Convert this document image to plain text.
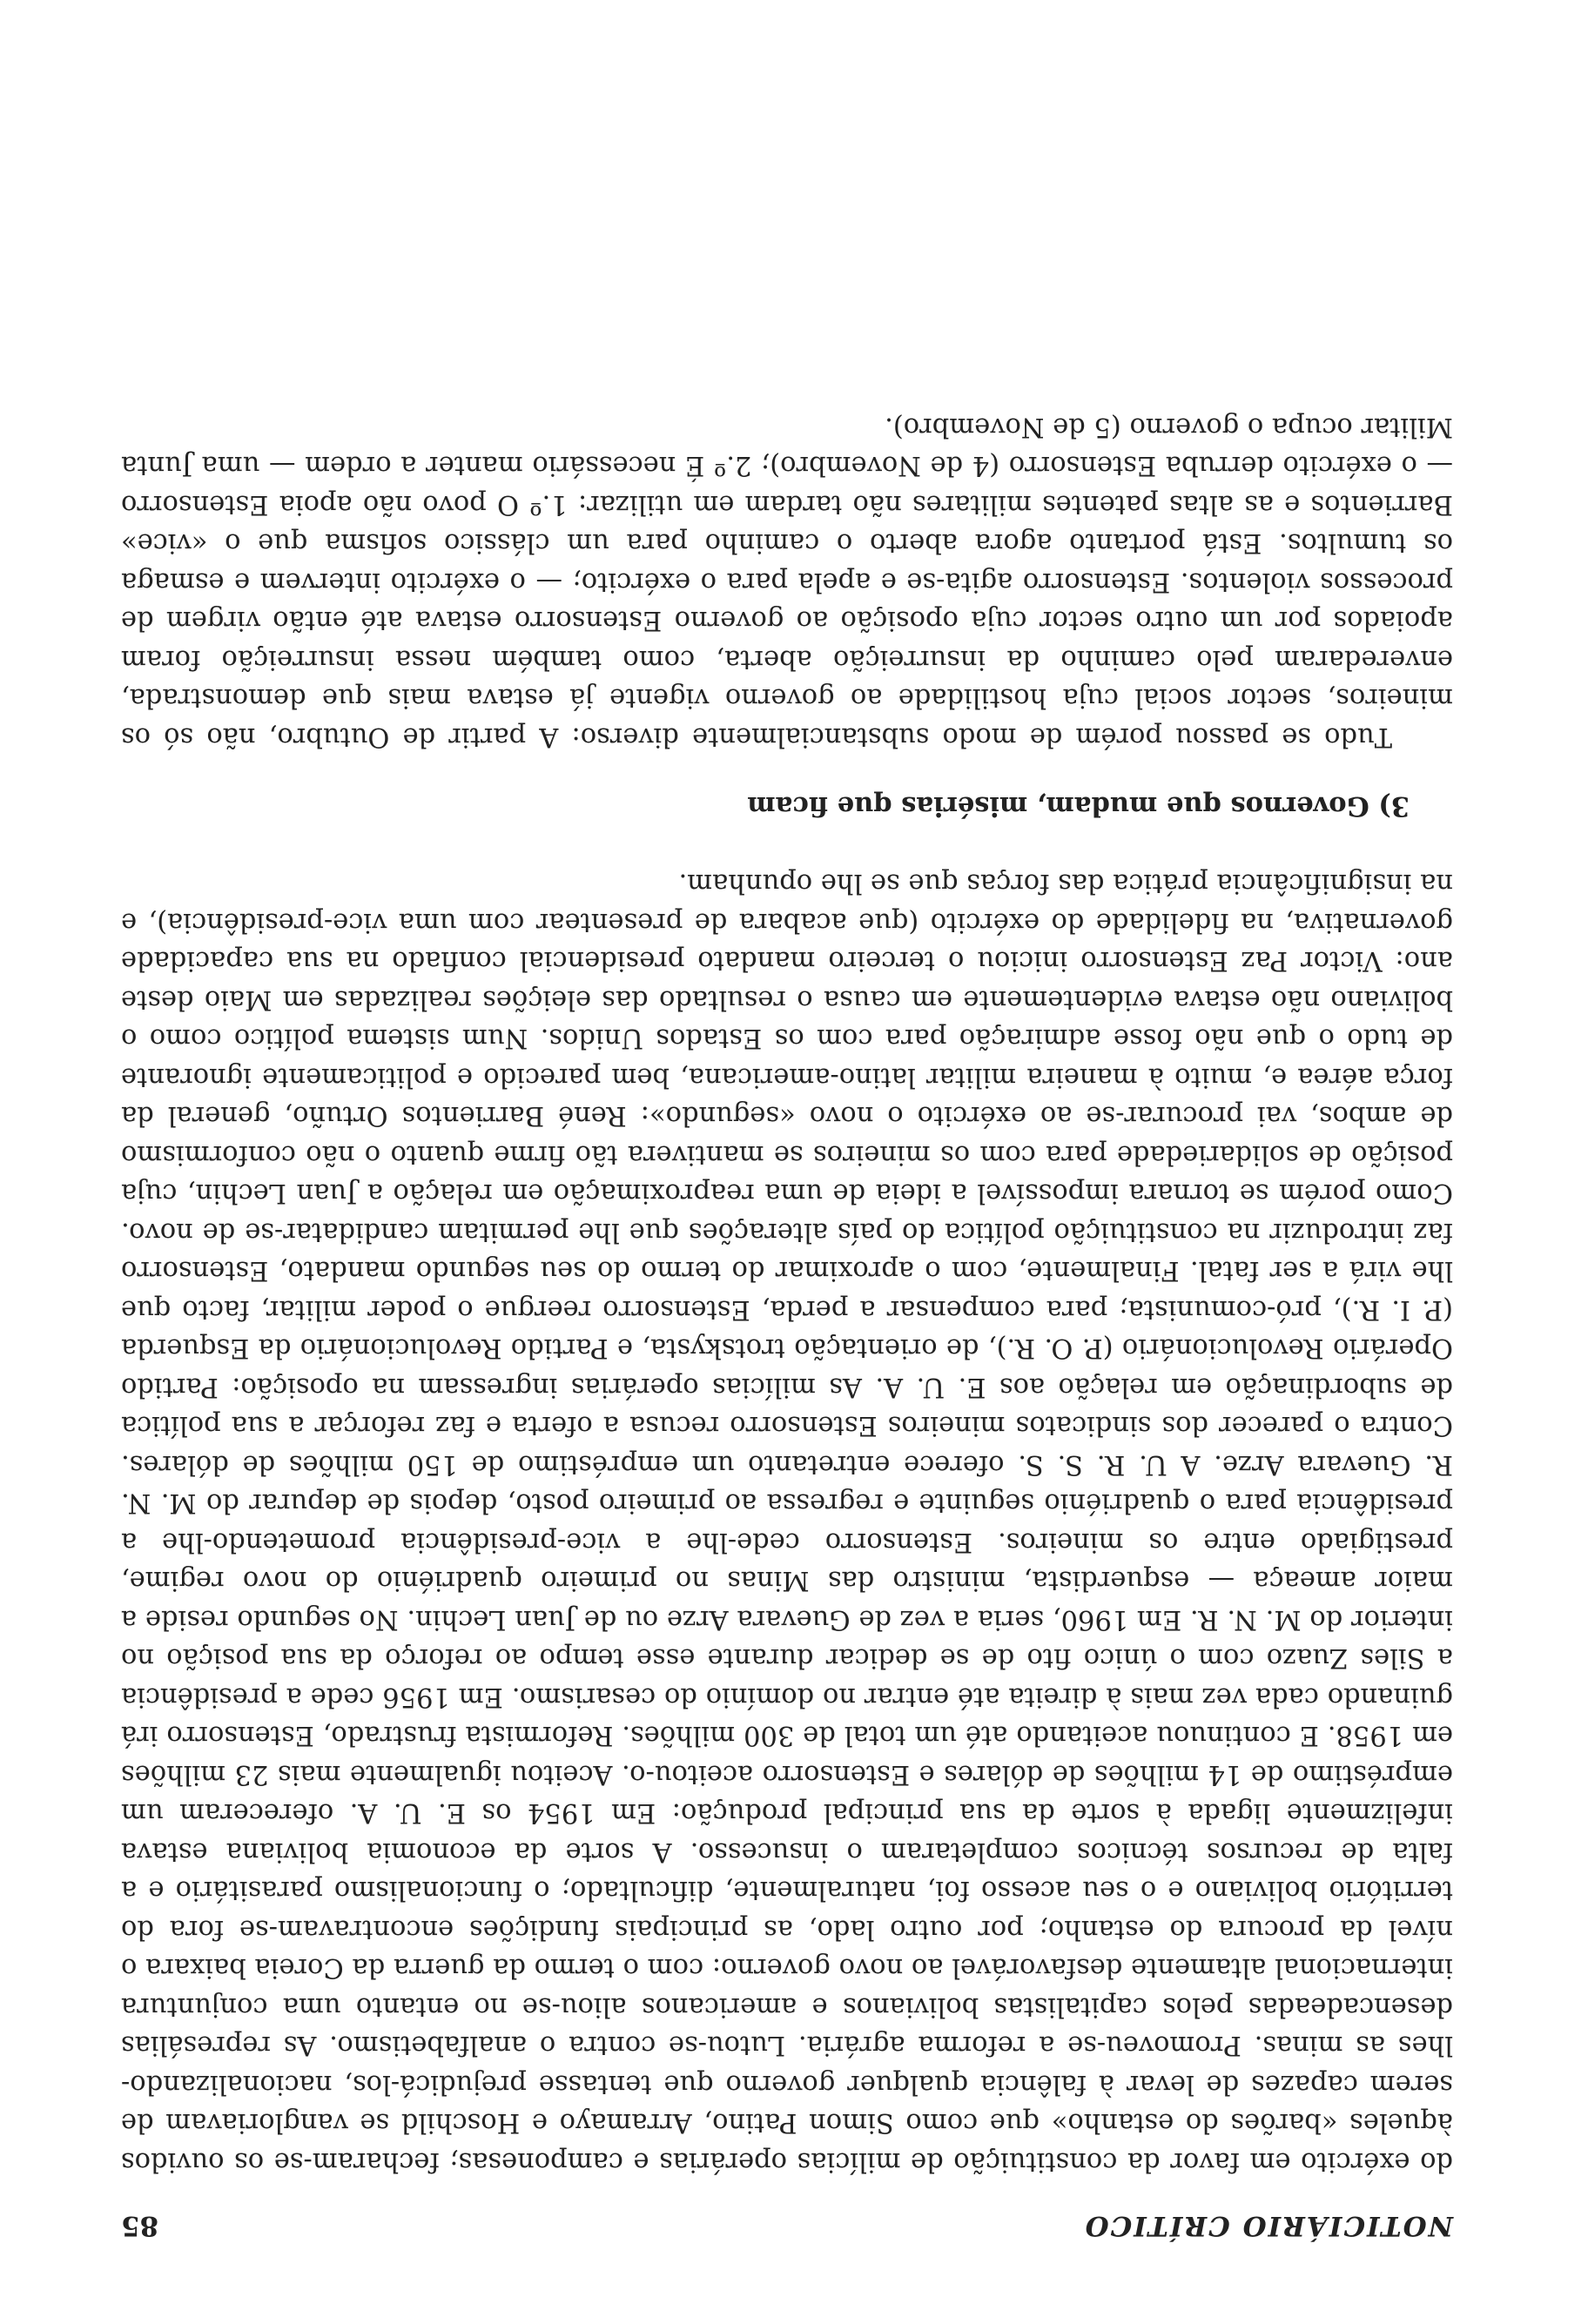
NOTICIÁRIO CRÍTICO
85

do exército em favor da constituição de milícias operárias e camponesas; fecharam-se os ouvidos àqueles «barões do estanho» que como Simon Patino, Arramayo e Hoschild se vangloriavam de serem capazes de levar à falência qualquer governo que tentasse prejudicá-los, nacionalizando-lhes as minas. Promoveu-se a reforma agrária. Lutou-se contra o analfabetismo. As represálias desencadeadas pelos capitalistas bolivianos e americanos aliou-se no entanto uma conjuntura internacional altamente desfavorável ao novo governo: com o termo da guerra da Coreia baixara o nível da procura do estanho; por outro lado, as principais fundições encontravam-se fora do território boliviano e o seu acesso foi, naturalmente, dificultado; o funcionalismo parasitário e a falta de recursos técnicos completaram o insucesso. A sorte da economia boliviana estava infelizmente ligada à sorte da sua principal produção: Em 1954 os E. U. A. ofereceram um empréstimo de 14 milhões de dólares e Estensorro aceitou-o. Aceitou igualmente mais 23 milhões em 1958. E continuou aceitando até um total de 300 milhões. Reformista frustrado, Estensorro irá guinando cada vez mais à direita até entrar no domínio do cesarismo. Em 1956 cede a presidência a Siles Zuazo com o único fito de se dedicar durante esse tempo ao reforço da sua posição no interior do M. N. R. Em 1960, seria a vez de Guevara Arze ou de Juan Lechin. No segundo reside a maior ameaça — esquerdista, ministro das Minas no primeiro quadriénio do novo regime, prestigiado entre os mineiros. Estensorro cede-lhe a vice-presidência prometendo-lhe a presidência para o quadriénio seguinte e regressa ao primeiro posto, depois de depurar do M. N. R. Guevara Arze. A U. R. S. S. oferece entretanto um empréstimo de 150 milhões de dólares. Contra o parecer dos sindicatos mineiros Estensorro recusa a oferta e faz reforçar a sua política de subordinação em relação aos E. U. A. As milícias operárias ingressam na oposição: Partido Operário Revolucionário (P. O. R.), de orientação trotskysta, e Partido Revolucionário da Esquerda (P. I. R.), pró-comunista; para compensar a perda, Estensorro reergue o poder militar, facto que lhe virá a ser fatal. Finalmente, com o aproximar do termo do seu segundo mandato, Estensorro faz introduzir na constituição política do país alterações que lhe permitam candidatar-se de novo. Como porém se tornara impossível a ideia de uma reaproximação em relação a Juan Lechin, cuja posição de solidariedade para com os mineiros se mantivera tão firme quanto o não conformismo de ambos, vai procurar-se ao exército o novo «segundo»: René Barrientos Ortuño, general da força aérea e, muito à maneira militar latino-americana, bem parecido e politicamente ignorante de tudo o que não fosse admiração para com os Estados Unidos. Num sistema político como o boliviano não estava evidentemente em causa o resultado das eleições realizadas em Maio deste ano: Victor Paz Estensorro iniciou o terceiro mandato presidencial confiado na sua capacidade governativa, na fidelidade do exército (que acabara de presentear com uma vice-presidência), e na insignificância prática das forças que se lhe opunham.

3) Governos que mudam, misérias que ficam

Tudo se passou porém de modo substancialmente diverso: A partir de Outubro, não só os mineiros, sector social cuja hostilidade ao governo vigente já estava mais que demonstrada, enveredaram pelo caminho da insurreição aberta, como também nessa insurreição foram apoiados por um outro sector cuja oposição ao governo Estensorro estava até então virgem de processos violentos. Estensorro agita-se e apela para o exército; — o exército intervem e esmaga os tumultos. Está portanto agora aberto o caminho para um clássico sofisma que o «vice» Barrientos e as altas patentes militares não tardam em utilizar: 1.º O povo não apoia Estensorro — o exército derruba Estensorro (4 de Novembro); 2.º É necessário manter a ordem — uma Junta Militar ocupa o governo (5 de Novembro).
